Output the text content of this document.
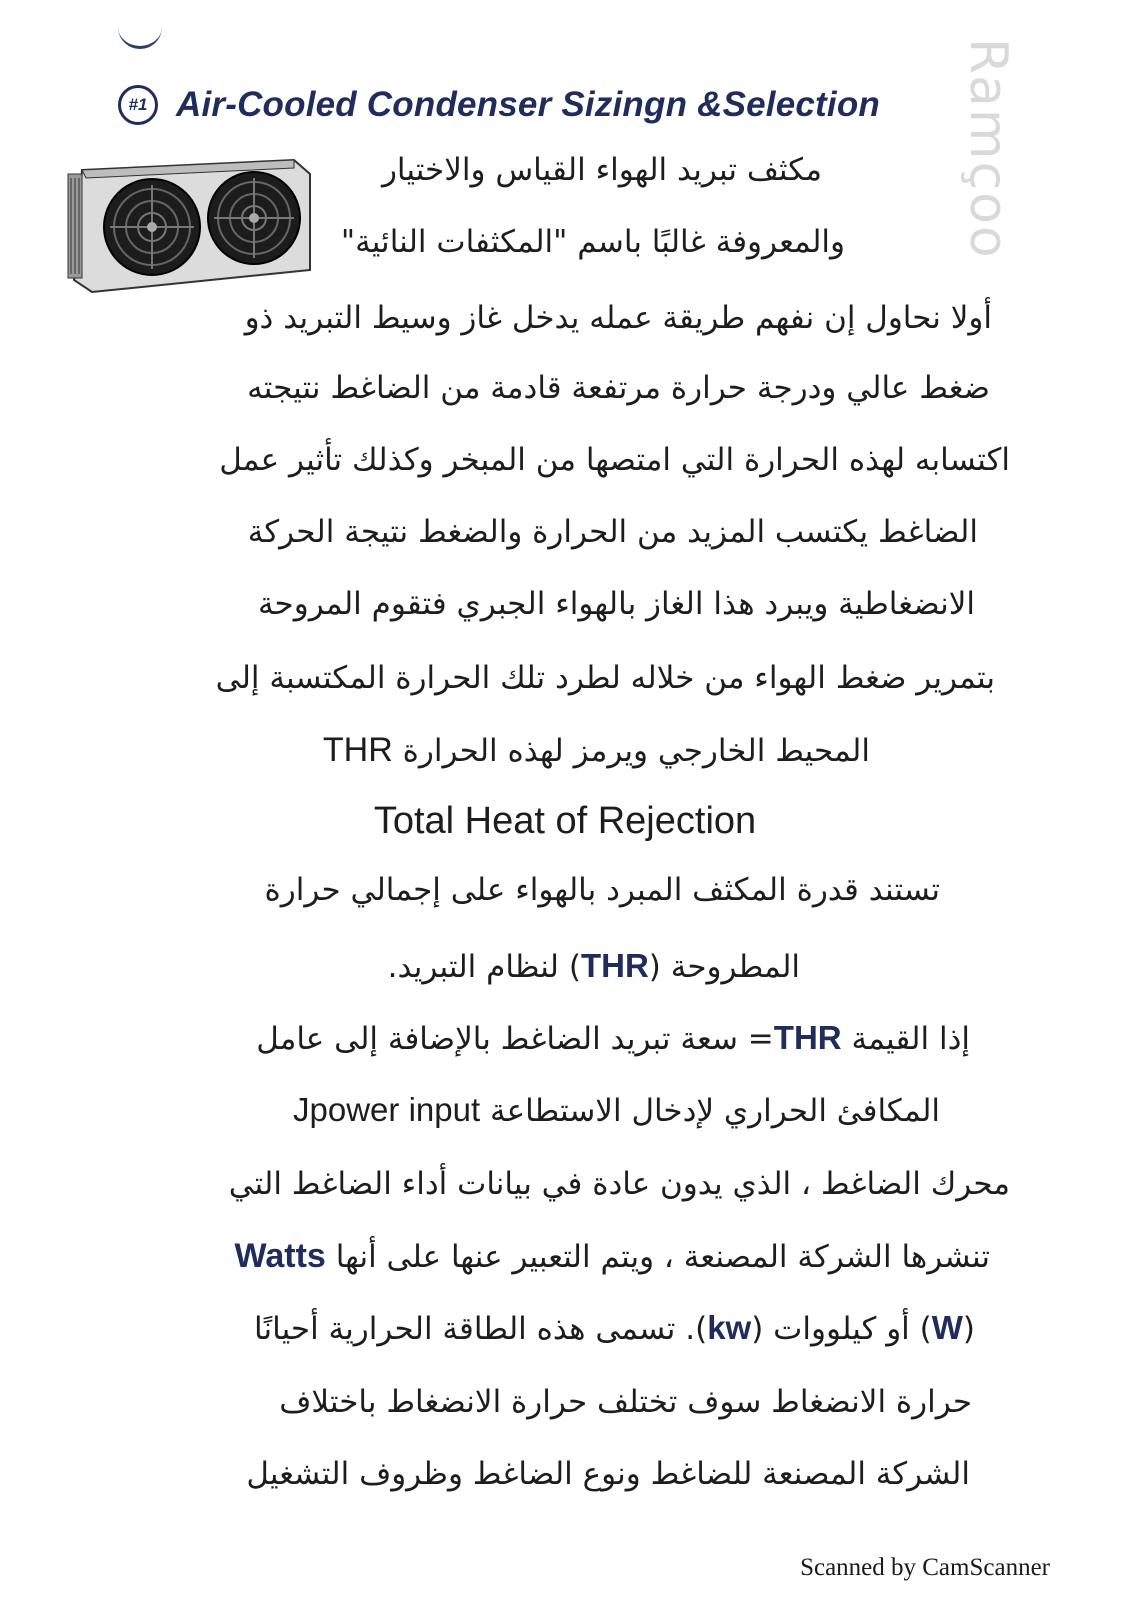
#1 Air-Cooled Condenser Sizingn &Selection Ramçoo
مكثف تبريد الهواء القياس والاختيار
والمعروفة غالبًا باسم "المكثفات النائية"
أولا نحاول إن نفهم طريقة عمله يدخل غاز وسيط التبريد ذو
ضغط عالي ودرجة حرارة مرتفعة قادمة من الضاغط نتيجته
اكتسابه لهذه الحرارة التي امتصها من المبخر وكذلك تأثير عمل
الضاغط يكتسب المزيد من الحرارة والضغط نتيجة الحركة
الانضغاطية ويبرد هذا الغاز بالهواء الجبري فتقوم المروحة
بتمرير ضغط الهواء من خلاله لطرد تلك الحرارة المكتسبة إلى
المحيط الخارجي ويرمز لهذه الحرارة THR
Total Heat of Rejection
تستند قدرة المكثف المبرد بالهواء على إجمالي حرارة
المطروحة (THR) لنظام التبريد.
إذا القيمة THR= سعة تبريد الضاغط بالإضافة إلى عامل
المكافئ الحراري لإدخال الاستطاعة Jpower input
محرك الضاغط ، الذي يدون عادة في بيانات أداء الضاغط التي
تنشرها الشركة المصنعة ، ويتم التعبير عنها على أنها Watts
(W) أو كيلووات (kw). تسمى هذه الطاقة الحرارية أحيانًا
حرارة الانضغاط سوف تختلف حرارة الانضغاط باختلاف
الشركة المصنعة للضاغط ونوع الضاغط وظروف التشغيل
Scanned by CamScanner
